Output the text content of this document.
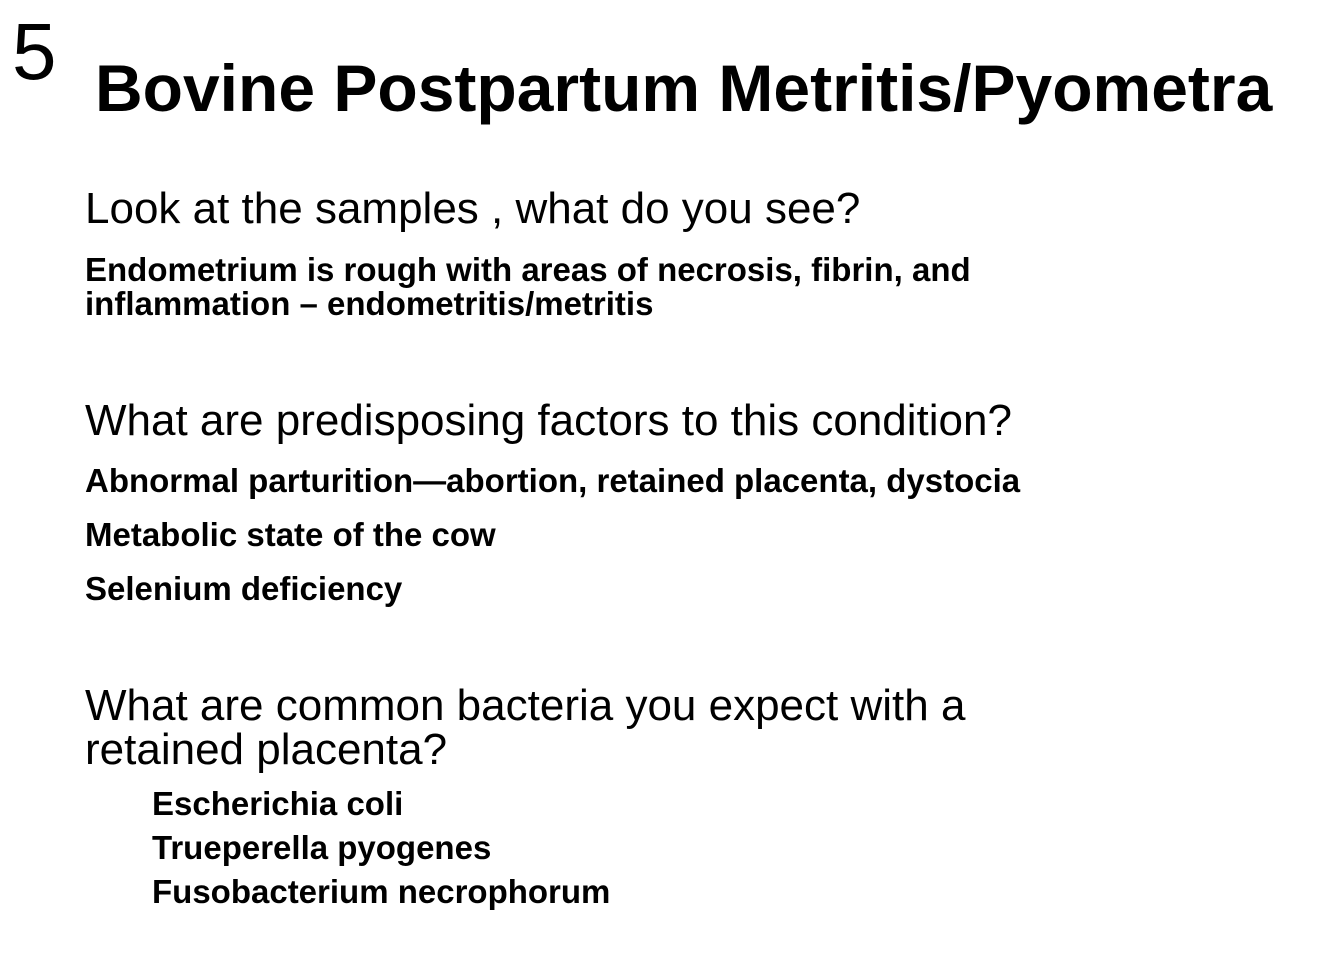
5 Bovine Postpartum Metritis/Pyometra
Look at the samples , what do you see?
Endometrium is rough with areas of necrosis, fibrin, and
inflammation – endometritis/metritis
What are predisposing factors to this condition?
Abnormal parturition—abortion, retained placenta, dystocia
Metabolic state of the cow
Selenium deficiency
What are common bacteria you expect with a
retained placenta?
Escherichia coli
Trueperella pyogenes
Fusobacterium necrophorum
